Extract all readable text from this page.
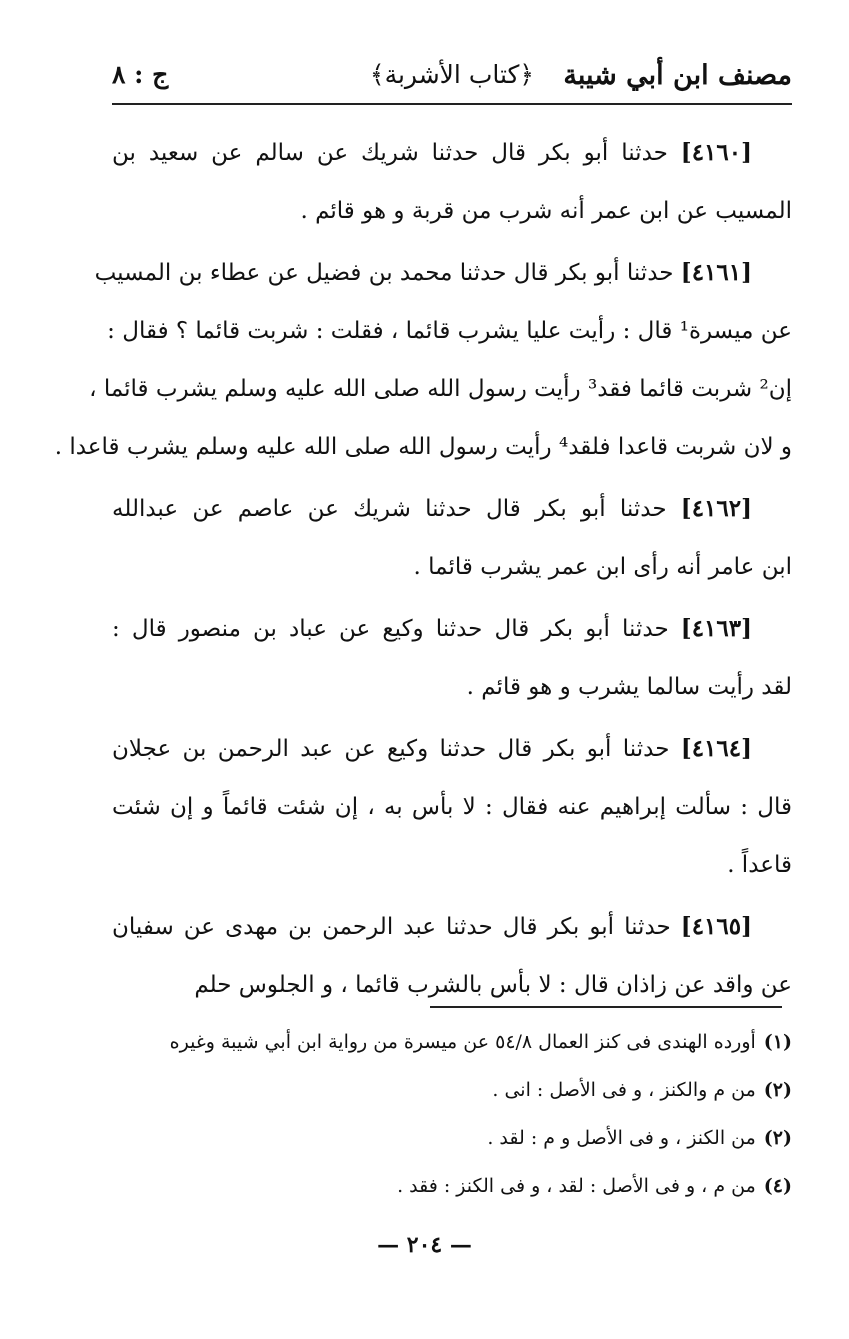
مصنف ابن أبي شيبة
﴿كتاب الأشربة﴾
ج : ٨
[٤١٦٠] حدثنا أبو بكر قال حدثنا شريك عن سالم عن سعيد بن
المسيب عن ابن عمر أنه شرب من قربة و هو قائم .
[٤١٦١] حدثنا أبو بكر قال حدثنا محمد بن فضيل عن عطاء بن المسيب
عن ميسرة¹ قال : رأيت عليا يشرب قائما ، فقلت : شربت قائما ؟ فقال :
إن² شربت قائما فقد³ رأيت رسول الله صلى الله عليه وسلم يشرب قائما ،
و لان شربت قاعدا فلقد⁴ رأيت رسول الله صلى الله عليه وسلم يشرب قاعدا .
[٤١٦٢] حدثنا أبو بكر قال حدثنا شريك عن عاصم عن عبدالله
ابن عامر أنه رأى ابن عمر يشرب قائما .
[٤١٦٣] حدثنا أبو بكر قال حدثنا وكيع عن عباد بن منصور قال :
لقد رأيت سالما يشرب و هو قائم .
[٤١٦٤] حدثنا أبو بكر قال حدثنا وكيع عن عبد الرحمن بن عجلان
قال : سألت إبراهيم عنه فقال : لا بأس به ، إن شئت قائماً و إن شئت
قاعداً .
[٤١٦٥] حدثنا أبو بكر قال حدثنا عبد الرحمن بن مهدى عن سفيان
عن واقد عن زاذان قال : لا بأس بالشرب قائما ، و الجلوس حلم
(١)أورده الهندى فى كنز العمال ٥٤/٨ عن ميسرة من رواية ابن أبي شيبة وغيره
(٢)من م والكنز ، و فى الأصل : انى .
(٢)من الكنز ، و فى الأصل و م : لقد .
(٤)من م ، و فى الأصل : لقد ، و فى الكنز : فقد .
— ٢٠٤ —
